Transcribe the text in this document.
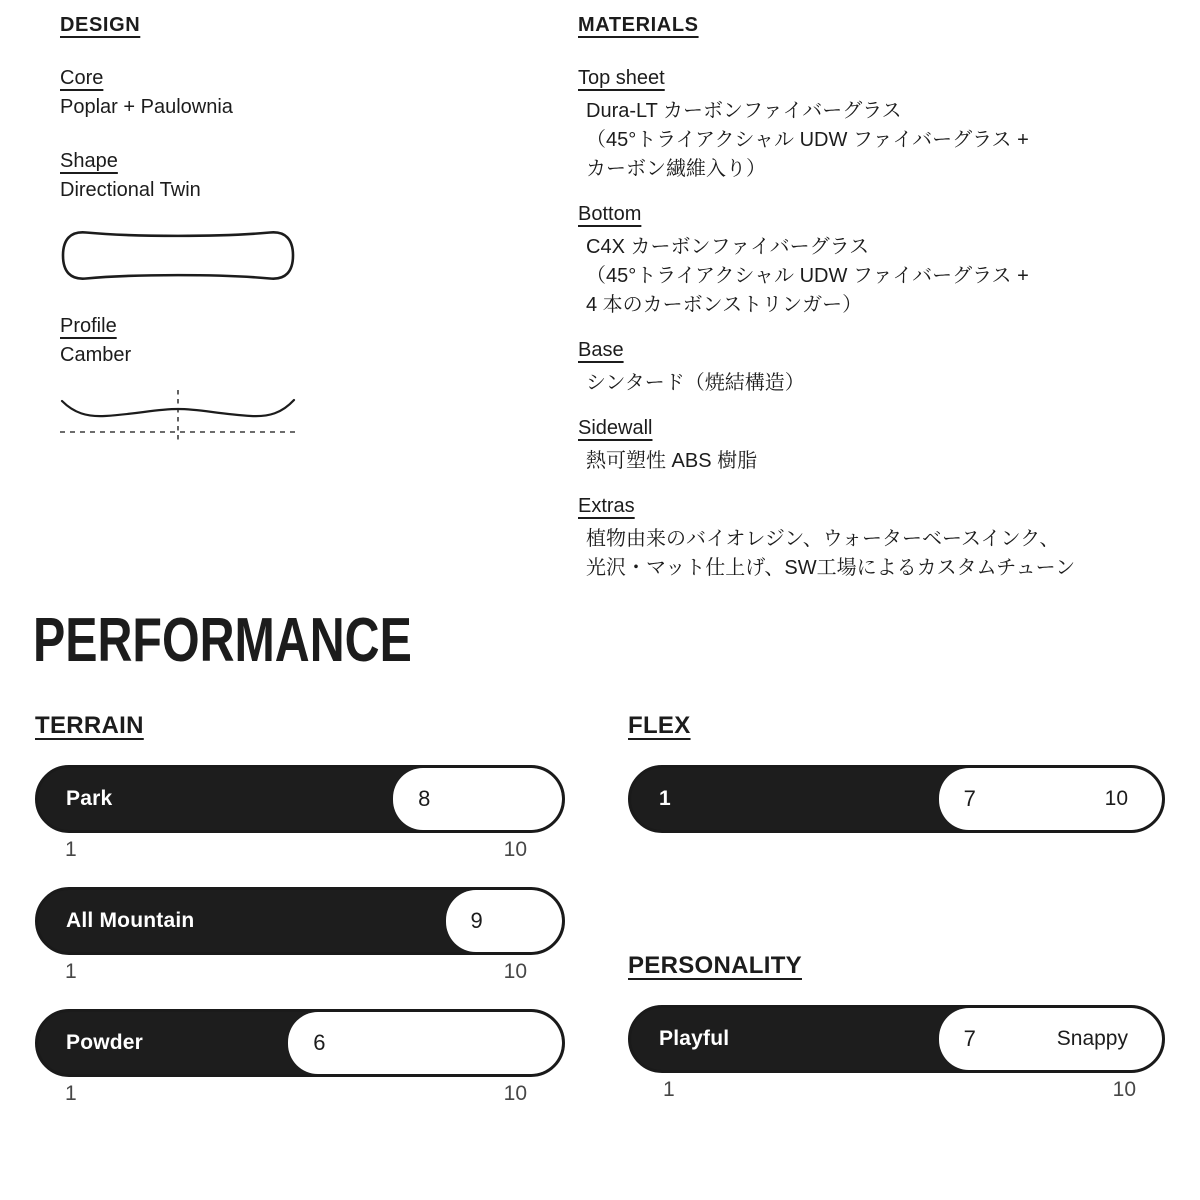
DESIGN
Core
Poplar + Paulownia
Shape
Directional Twin
Profile
Camber
MATERIALS
Top sheet
Dura-LT カーボンファイバーグラス
（45°トライアクシャル UDW ファイバーグラス +
カーボン繊維入り）
Bottom
C4X カーボンファイバーグラス
（45°トライアクシャル UDW ファイバーグラス +
4 本のカーボンストリンガー）
Base
シンタード（焼結構造）
Sidewall
熱可塑性 ABS 樹脂
Extras
植物由来のバイオレジン、ウォーターベースインク、
光沢・マット仕上げ、SW工場によるカスタムチューン
PERFORMANCE
TERRAIN
Park	8
1	10
All Mountain	9
1	10
Powder	6
1	10
FLEX
1	7	10
PERSONALITY
Playful	7	Snappy
1	10
